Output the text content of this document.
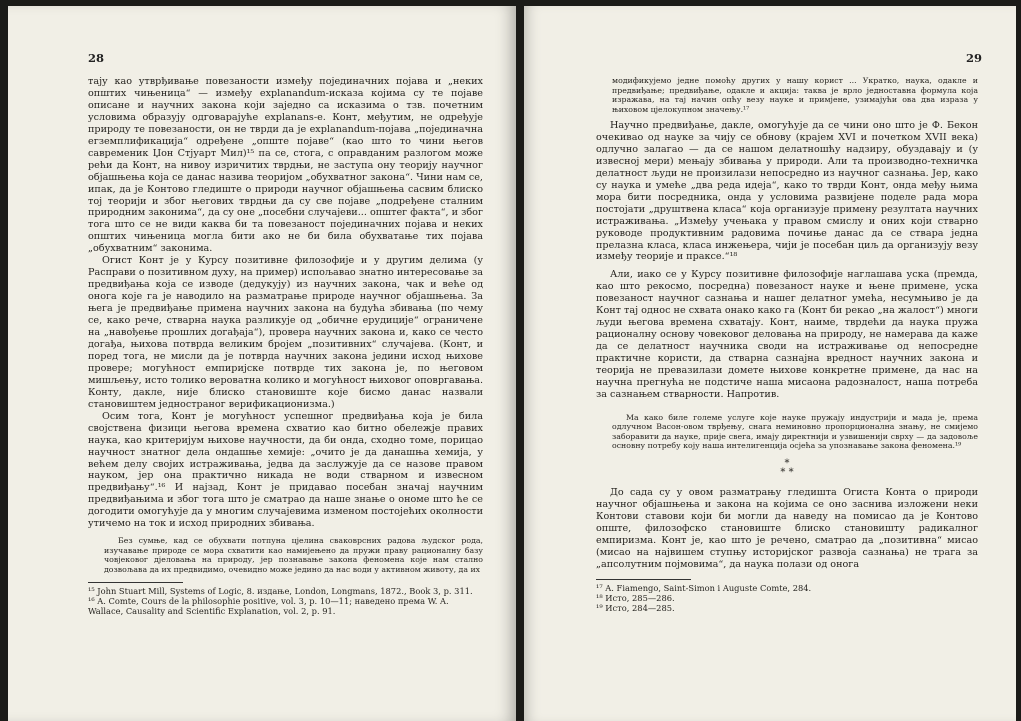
28

тају као утврђивање повезаности између појединачних појава и „неких општих чињеница“ — између explanandum-исказа којима су те појаве описане и научних закона који заједно са исказима о тзв. почетним условима образују одговарајуће explanans-е. Конт, међутим, не одређује природу те повезаности, он не тврди да је explanandum-појава „појединачна егземплификација“ одређене „опште појаве“ (као што то чини његов савременик Џон Стјуарт Мил)¹⁵ па се, стога, с оправданим разлогом може рећи да Конт, на нивоу изричитих тврдњи, не заступа ону теорију научног објашњења која се данас назива теоријом „обухватног закона“. Чини нам се, ипак, да је Контово гледиште о природи научног објашњења сасвим блиско тој теорији и због његових тврдњи да су све појаве „подређене сталним природним законима“, да су оне „посебни случајеви... општег факта“, и због тога што се не види каква би та повезаност појединачних појава и неких општих чињеница могла бити ако не би била обухватање тих појава „обухватним“ законима.

Огист Конт је у Курсу позитивне филозофије и у другим делима (у Расправи о позитивном духу, на пример) испољавао знатно интересовање за предвиђања која се изводе (дедукују) из научних закона, чак и веће од онога које га је наводило на разматрање природе научног објашњења. За њега је предвиђање примена научних закона на будућа збивања (по чему се, како рече, стварна наука разликује од „обичне ерудиције“ ограничене на „навођење прошлих догађаја“), провера научних закона и, како се често догађа, њихова потврда великим бројем „позитивних“ случајева. (Конт, и поред тога, не мисли да је потврда научних закона једини исход њихове провере; могућност емпиријске потврде тих закона је, по његовом мишљењу, исто толико вероватна колико и могућност њиховог оповргавања. Конту, дакле, није блиско становиште које бисмо данас назвали становиштем једностраног верификационизма.)

Осим тога, Конт је могућност успешног предвиђања која је била својствена физици његова времена схватио као битно обележје правих наука, као критеријум њихове научности, да би онда, сходно томе, порицао научност знатног дела ондашње хемије: „очито је да данашња хемија, у већем делу својих истраживања, једва да заслужује да се назове правом науком, јер она практично никада не води стварном и извесном предвиђању“.¹⁶ И најзад, Конт је придавао посебан значај научним предвиђањима и због тога што је сматрао да наше знање о ономе што ће се догодити омогућује да у многим случајевима изменом постојећих околности утичемо на ток и исход природних збивања.

Без сумње, кад се обухвати потпуна цјелина сваковрсних радова људског рода, изучавање природе се мора схватити као намијењено да пружи праву рационалну базу човјековог дјеловања на природу, јер познавање закона феномена које нам стално дозвољава да их предвидимо, очевидно може једино да нас води у активном животу, да их

¹⁵ John Stuart Mill, Systems of Logic, 8. издање, London, Longmans, 1872., Book 3, p. 311.

¹⁶ A. Comte, Cours de la philosophie positive, vol. 3, p. 10—11; наведено према W. A. Wallace, Causality and Scientific Explanation, vol. 2, p. 91.

29

модификујемо једне помоћу других у нашу корист ... Укратко, наука, одакле и предвиђање; предвиђање, одакле и акција: таква је врло једноставна формула која изражава, на тај начин опћу везу науке и примјене, узимајући ова два израза у њиховом цјелокупном значењу.¹⁷

Научно предвиђање, дакле, омогућује да се чини оно што је Ф. Бекон очекивао од науке за чију се обнову (крајем XVI и почетком XVII века) одлучно залагао — да се нашом делатношћу надзиру, обуздавају и (у извесној мери) мењају збивања у природи. Али та производно-техничка делатност људи не произилази непосредно из научног сазнања. Јер, како су наука и умеће „два реда идеја“, како то тврди Конт, онда међу њима мора бити посредника, онда у условима развијене поделе рада мора постојати „друштвена класа“ која организује примену резултата научних истраживања. „Између учењака у правом смислу и оних који стварно руководе продуктивним радовима почиње данас да се ствара једна прелазна класа, класа инжењера, чији је посебан циљ да организују везу између теорије и праксе.“¹⁸

Али, иако се у Курсу позитивне филозофије наглашава уска (премда, као што рекосмо, посредна) повезаност науке и њене примене, уска повезаност научног сазнања и нашег делатног умећа, несумњиво је да Конт тај однос не схвата онако како га (Конт би рекао „на жалост“) многи људи његова времена схватају. Конт, наиме, тврдећи да наука пружа рационалну основу човековог деловања на природу, не намерава да каже да се делатност научника своди на истраживање од непосредне практичне користи, да стварна сазнајна вредност научних закона и теорија не превазилази домете њихове конкретне примене, да нас на научна прегнућа не подстиче наша мисаона радозналост, наша потреба за сазнањем стварности. Напротив.

Ма како биле големе услуге које науке пружају индустрији и мада је, према одлучном Васон-овом тврђењу, снага неминовно пропорционална знању, не смијемо заборавити да науке, прије свега, имају директнији и узвишенији сврху — да задовоље основну потребу коју наша интелигенција осјећа за упознавање закона феномена.¹⁹

*
* *

До сада су у овом разматрању гледишта Огиста Конта о природи научног објашњења и закона на којима се оно заснива изложени неки Контови ставови који би могли да наведу на помисао да је Контово опште, филозофско становиште блиско становишту радикалног емпиризма. Конт је, као што је речено, сматрао да „позитивна“ мисао (мисао на највишем ступњу историјског развоја сазнања) не трага за „апсолутним појмовима“, да наука полази од онога

¹⁷ A. Fiamengo, Saint-Simon i Auguste Comte, 284.

¹⁸ Исто, 285—286.

¹⁹ Исто, 284—285.
